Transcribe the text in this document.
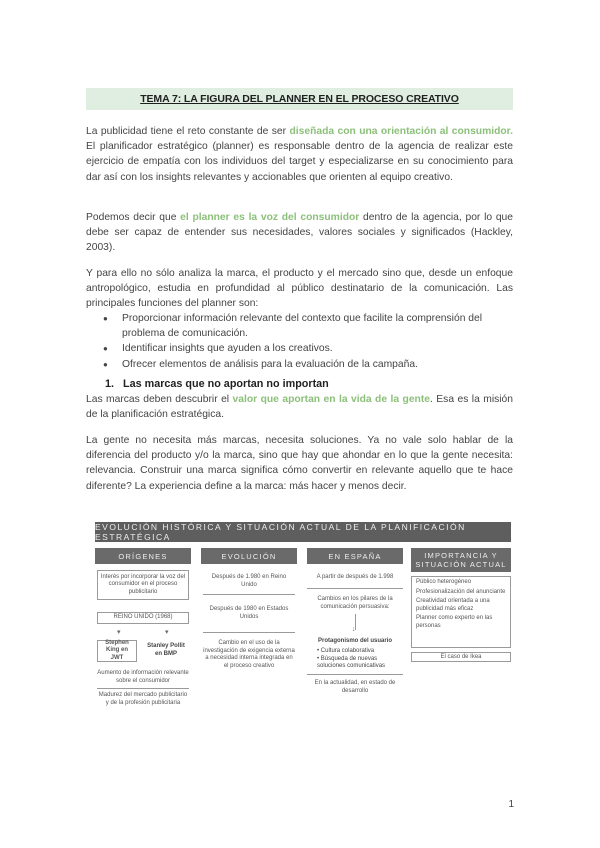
TEMA 7: LA FIGURA DEL PLANNER EN EL PROCESO CREATIVO
La publicidad tiene el reto constante de ser diseñada con una orientación al consumidor. El planificador estratégico (planner) es responsable dentro de la agencia de realizar este ejercicio de empatía con los individuos del target y especializarse en su conocimiento para dar así con los insights relevantes y accionables que orienten al equipo creativo.
Podemos decir que el planner es la voz del consumidor dentro de la agencia, por lo que debe ser capaz de entender sus necesidades, valores sociales y significados (Hackley, 2003).
Y para ello no sólo analiza la marca, el producto y el mercado sino que, desde un enfoque antropológico, estudia en profundidad al público destinatario de la comunicación. Las principales funciones del planner son:
● Proporcionar información relevante del contexto que facilite la comprensión del problema de comunicación.
● Identificar insights que ayuden a los creativos.
● Ofrecer elementos de análisis para la evaluación de la campaña.
1. Las marcas que no aportan no importan
Las marcas deben descubrir el valor que aportan en la vida de la gente. Esa es la misión de la planificación estratégica.
La gente no necesita más marcas, necesita soluciones. Ya no vale solo hablar de la diferencia del producto y/o la marca, sino que hay que ahondar en lo que la gente necesita: relevancia. Construir una marca significa cómo convertir en relevante aquello que te hace diferente? La experiencia define a la marca: más hacer y menos decir.
EVOLUCIÓN HISTÓRICA Y SITUACIÓN ACTUAL DE LA PLANIFICACIÓN ESTRATÉGICA
ORÍGENES	EVOLUCIÓN	EN ESPAÑA	IMPORTANCIA Y
SITUACIÓN ACTUAL
Interés por incorporar la voz del consumidor en el proceso publicitario
REINO UNIDO (1968)
▾	▾
Stephen
King en JWT
Stanley Pollit
en BMP
Aumento de información relevante sobre el consumidor
Madurez del mercado publicitario y de la profesión publicitaria
Después de 1.980 en Reino Unido
Después de 1980 en Estados Unidos
Cambio en el uso de la investigación de exigencia externa a necesidad interna integrada en el proceso creativo
A partir de después de 1.998
Cambios en los pilares de la comunicación persuasiva:
↓
Protagonismo del usuario
• Cultura colaborativa
• Búsqueda de nuevas soluciones comunicativas
En la actualidad, en estado de desarrollo
Público heterogéneo
Profesionalización del anunciante
Creatividad orientada a una publicidad más eficaz
Planner como experto en las personas
El caso de Ikea
1
